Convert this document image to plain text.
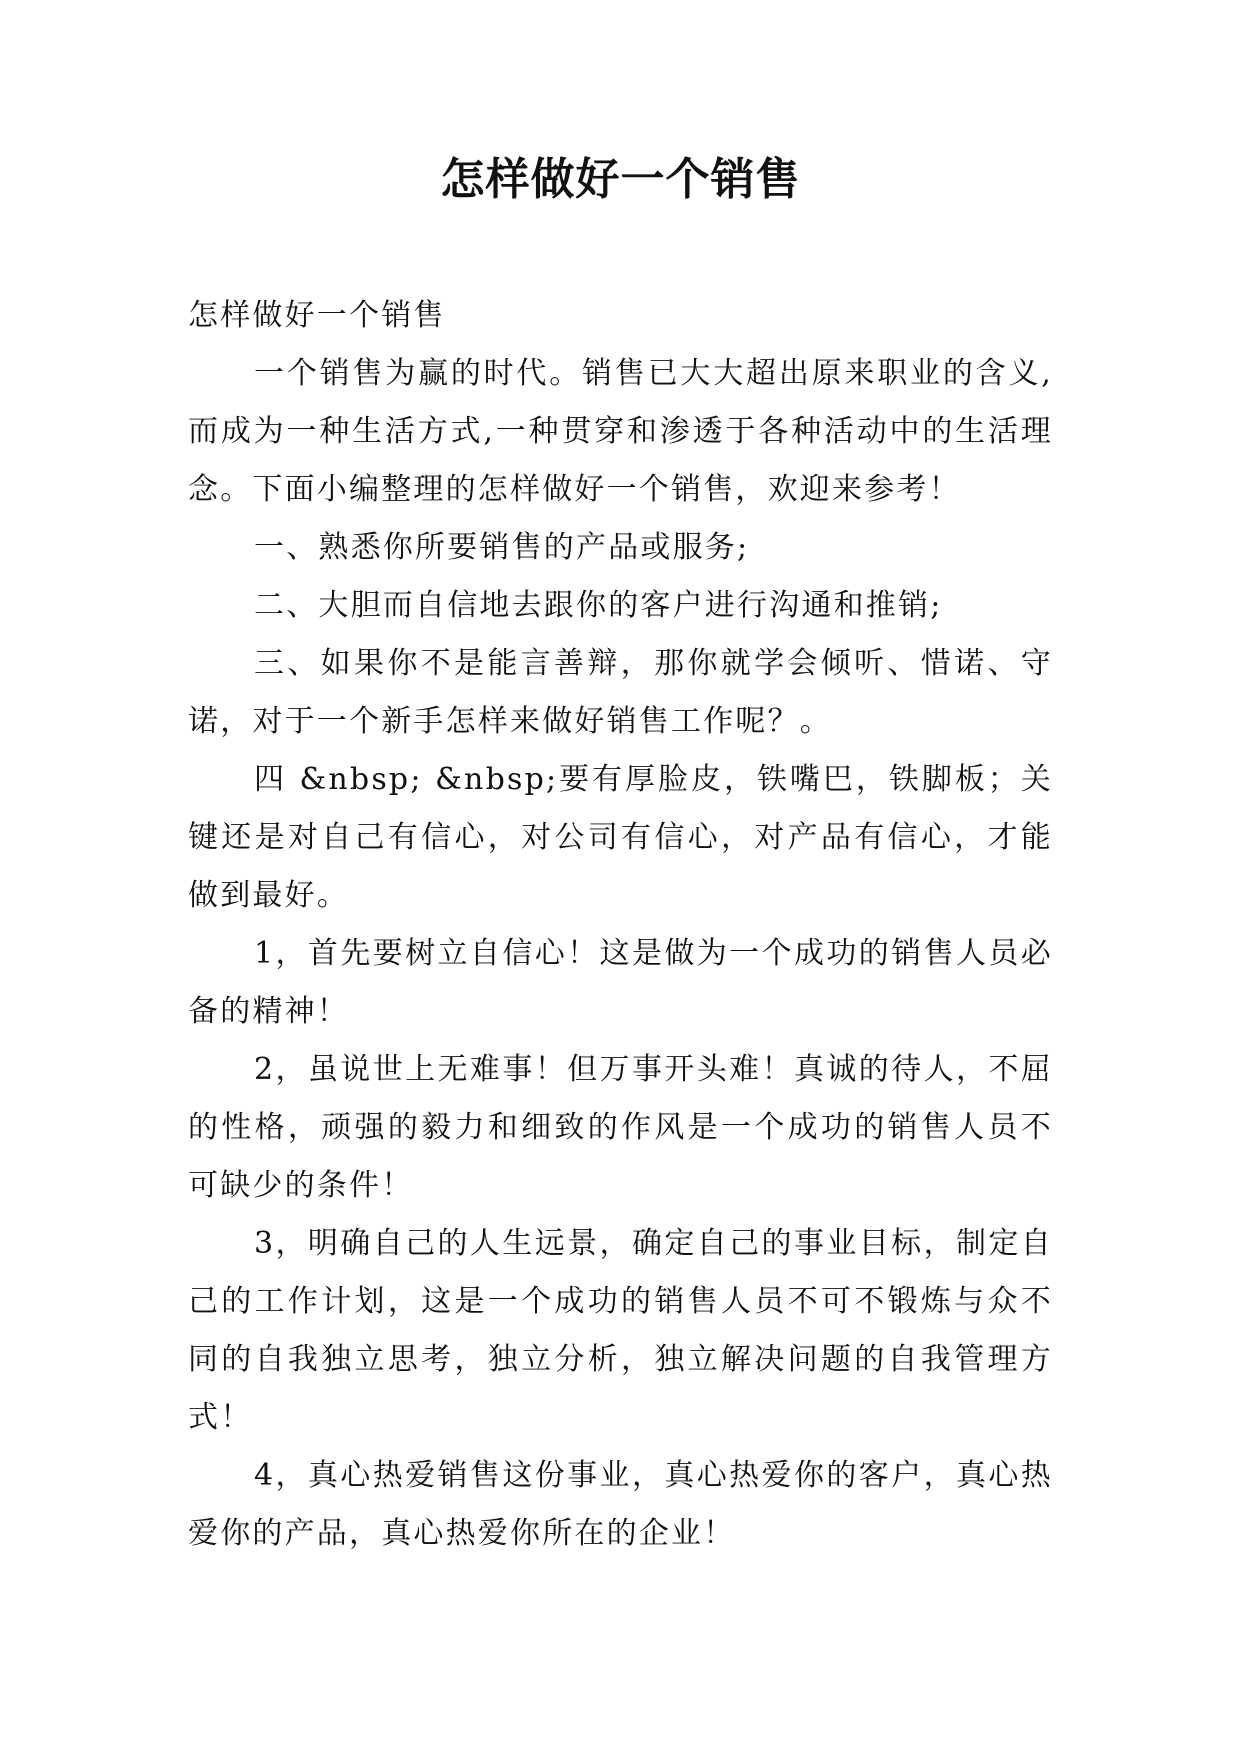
怎样做好一个销售

怎样做好一个销售

一个销售为赢的时代。销售已大大超出原来职业的含义,而成为一种生活方式,一种贯穿和渗透于各种活动中的生活理念。下面小编整理的怎样做好一个销售，欢迎来参考！

一、熟悉你所要销售的产品或服务;

二、大胆而自信地去跟你的客户进行沟通和推销;

三、如果你不是能言善辩，那你就学会倾听、惜诺、守诺，对于一个新手怎样来做好销售工作呢？。

四 &nbsp; &nbsp;要有厚脸皮，铁嘴巴，铁脚板；关键还是对自己有信心，对公司有信心，对产品有信心，才能做到最好。

1，首先要树立自信心！这是做为一个成功的销售人员必备的精神！

2，虽说世上无难事！但万事开头难！真诚的待人，不屈的性格，顽强的毅力和细致的作风是一个成功的销售人员不可缺少的条件！

3，明确自己的人生远景，确定自己的事业目标，制定自己的工作计划，这是一个成功的销售人员不可不锻炼与众不同的自我独立思考，独立分析，独立解决问题的自我管理方式！

4，真心热爱销售这份事业，真心热爱你的客户，真心热爱你的产品，真心热爱你所在的企业！
